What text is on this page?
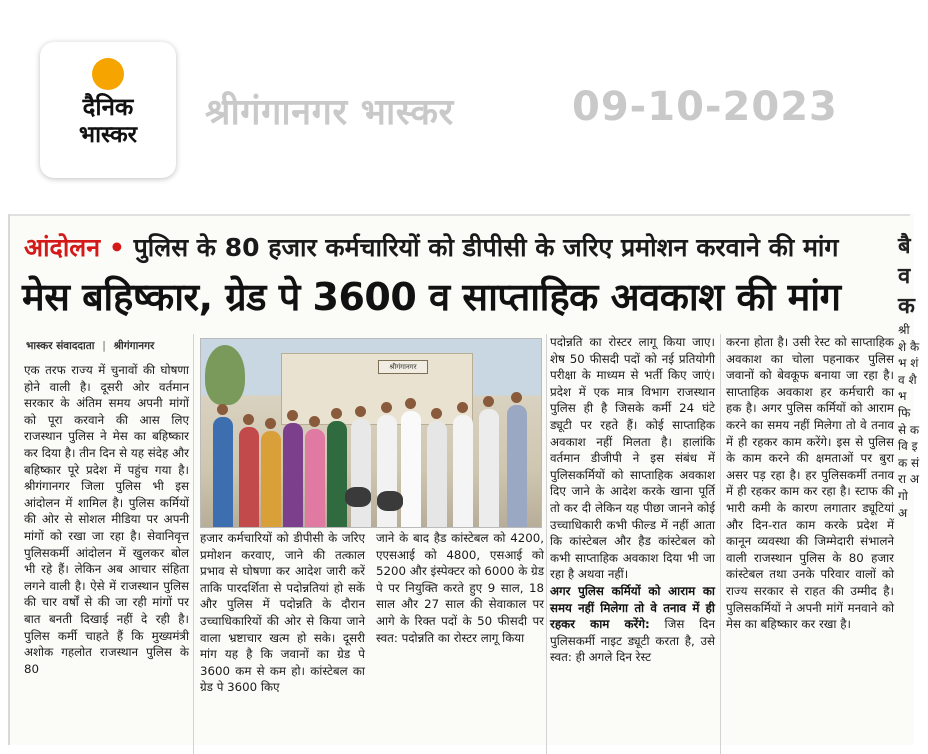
दैनिक
भास्कर
श्रीगंगानगर भास्कर	09-10-2023
आंदोलन • पुलिस के 80 हजार कर्मचारियों को डीपीसी के जरिए प्रमोशन करवाने की मांग
मेस बहिष्कार, ग्रेड पे 3600 व साप्ताहिक अवकाश की मांग
भास्कर संवाददाता | श्रीगंगानगर

एक तरफ राज्य में चुनावों की घोषणा होने वाली है। दूसरी ओर वर्तमान सरकार के अंतिम समय अपनी मांगों को पूरा करवाने की आस लिए राजस्थान पुलिस ने मेस का बहिष्कार कर दिया है। तीन दिन से यह संदेह और बहिष्कार पूरे प्रदेश में पहुंच गया है। श्रीगंगानगर जिला पुलिस भी इस आंदोलन में शामिल है। पुलिस कर्मियों की ओर से सोशल मीडिया पर अपनी मांगों को रखा जा रहा है। सेवानिवृत्त पुलिसकर्मी आंदोलन में खुलकर बोल भी रहे हैं। लेकिन अब आचार संहिता लगने वाली है। ऐसे में राजस्थान पुलिस की चार वर्षों से की जा रही मांगों पर बात बनती दिखाई नहीं दे रही है। पुलिस कर्मी चाहते हैं कि मुख्यमंत्री अशोक गहलोत राजस्थान पुलिस के 80

श्रीगंगानगर

हजार कर्मचारियों को डीपीसी के जरिए प्रमोशन करवाए, जाने की तत्काल प्रभाव से घोषणा कर आदेश जारी करें ताकि पारदर्शिता से पदोन्नतियां हो सकें और पुलिस में पदोन्नति के दौरान उच्चाधिकारियों की ओर से किया जाने वाला भ्रष्टाचार खत्म हो सके। दूसरी मांग यह है कि जवानों का ग्रेड पे 3600 कम से कम हो। कांस्टेबल का ग्रेड पे 3600 किए

जाने के बाद हैड कांस्टेबल को 4200, एएसआई को 4800, एसआई को 5200 और इंस्पेक्टर को 6000 के ग्रेड पे पर नियुक्ति करते हुए 9 साल, 18 साल और 27 साल की सेवाकाल पर आगे के रिक्त पदों के 50 फीसदी पर स्वत: पदोन्नति का रोस्टर लागू किया

पदोन्नति का रोस्टर लागू किया जाए। शेष 50 फीसदी पदों को नई प्रतियोगी परीक्षा के माध्यम से भर्ती किए जाएं। प्रदेश में एक मात्र विभाग राजस्थान पुलिस ही है जिसके कर्मी 24 घंटे ड्यूटी पर रहते हैं। कोई साप्ताहिक अवकाश नहीं मिलता है। हालांकि वर्तमान डीजीपी ने इस संबंध में पुलिसकर्मियों को साप्ताहिक अवकाश दिए जाने के आदेश करके खाना पूर्ति तो कर दी लेकिन यह पीछा जानने कोई उच्चाधिकारी कभी फील्ड में नहीं आता कि कांस्टेबल और हैड कांस्टेबल को कभी साप्ताहिक अवकाश दिया भी जा रहा है अथवा नहीं।

अगर पुलिस कर्मियों को आराम का समय नहीं मिलेगा तो वे तनाव में ही रहकर काम करेंगे: जिस दिन पुलिसकर्मी नाइट ड्यूटी करता है, उसे स्वत: ही अगले दिन रेस्ट

करना होता है। उसी रेस्ट को साप्ताहिक अवकाश का चोला पहनाकर पुलिस जवानों को बेवकूफ बनाया जा रहा है। साप्ताहिक अवकाश हर कर्मचारी का हक है। अगर पुलिस कर्मियों को आराम करने का समय नहीं मिलेगा तो वे तनाव में ही रहकर काम करेंगे। इस से पुलिस के काम करने की क्षमताओं पर बुरा असर पड़ रहा है। हर पुलिसकर्मी तनाव में ही रहकर काम कर रहा है। स्टाफ की भारी कमी के कारण लगातार ड्यूटियां और दिन-रात काम करके प्रदेश में कानून व्यवस्था की जिम्मेदारी संभालने वाली राजस्थान पुलिस के 80 हजार कांस्टेबल तथा उनके परिवार वालों को राज्य सरकार से राहत की उम्मीद है। पुलिसकर्मियों ने अपनी मांगें मनवाने को मेस का बहिष्कार कर रखा है।

बै
व
क
श्री शे कै भ शं व शै भ फि से क वि इ क सं रा अ गो अ
